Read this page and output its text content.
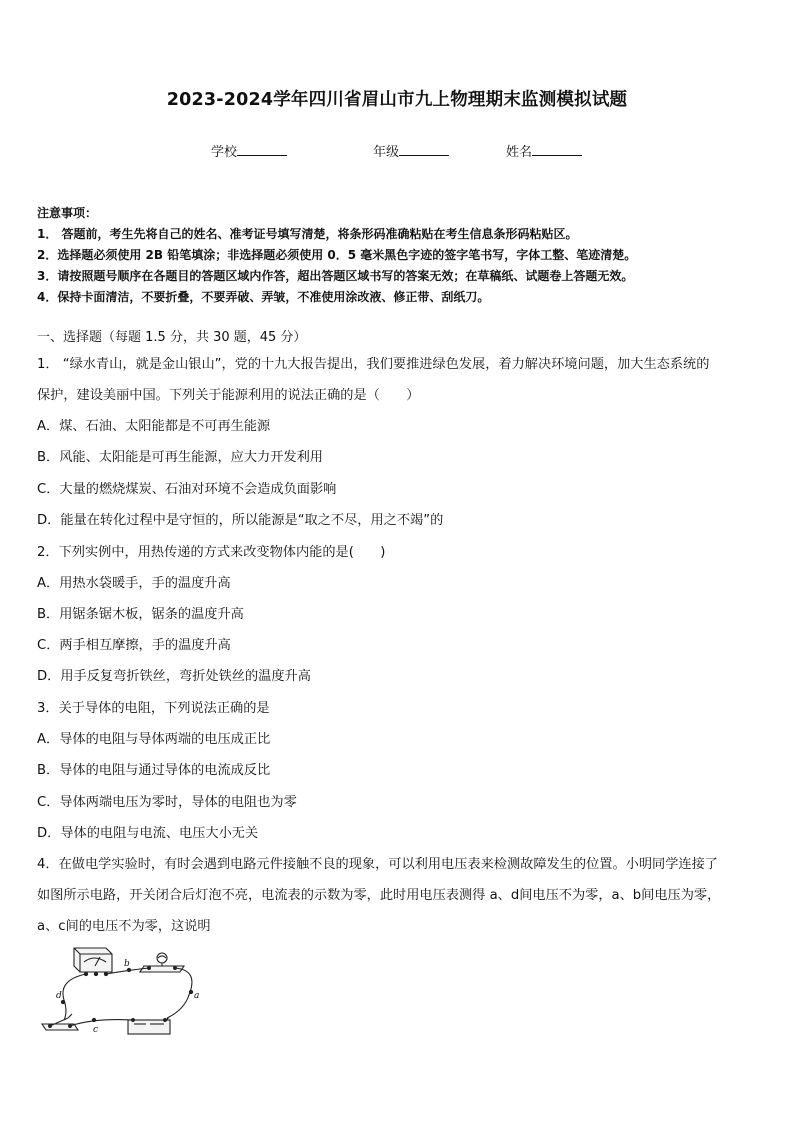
2023-2024学年四川省眉山市九上物理期末监测模拟试题
学校	年级	姓名
注意事项：
1． 答题前，考生先将自己的姓名、准考证号填写清楚，将条形码准确粘贴在考生信息条形码粘贴区。
2．选择题必须使用 2B 铅笔填涂；非选择题必须使用 0．5 毫米黑色字迹的签字笔书写，字体工整、笔迹清楚。
3．请按照题号顺序在各题目的答题区域内作答，超出答题区域书写的答案无效；在草稿纸、试题卷上答题无效。
4．保持卡面清洁，不要折叠，不要弄破、弄皱，不准使用涂改液、修正带、刮纸刀。
一、选择题（每题 1.5 分，共 30 题，45 分）
1． “绿水青山，就是金山银山”，党的十九大报告提出，我们要推进绿色发展，着力解决环境问题，加大生态系统的
保护，建设美丽中国。下列关于能源利用的说法正确的是（　　）
A．煤、石油、太阳能都是不可再生能源
B．风能、太阳能是可再生能源，应大力开发利用
C．大量的燃烧煤炭、石油对环境不会造成负面影响
D．能量在转化过程中是守恒的，所以能源是“取之不尽，用之不竭”的
2．下列实例中，用热传递的方式来改变物体内能的是(　　)
A．用热水袋暖手，手的温度升高
B．用锯条锯木板，锯条的温度升高
C．两手相互摩擦，手的温度升高
D．用手反复弯折铁丝，弯折处铁丝的温度升高
3．关于导体的电阻，下列说法正确的是
A．导体的电阻与导体两端的电压成正比
B．导体的电阻与通过导体的电流成反比
C．导体两端电压为零时，导体的电阻也为零
D．导体的电阻与电流、电压大小无关
4．在做电学实验时，有时会遇到电路元件接触不良的现象，可以利用电压表来检测故障发生的位置。小明同学连接了
如图所示电路，开关闭合后灯泡不亮，电流表的示数为零，此时用电压表测得 a、d间电压不为零，a、b间电压为零，
a、c间的电压不为零，这说明
b
a
c
d
